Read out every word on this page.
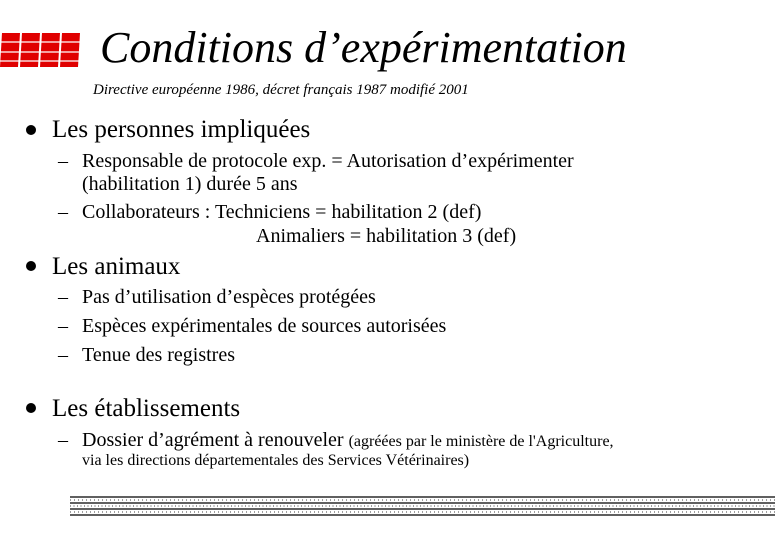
Conditions d’expérimentation
Directive européenne 1986, décret français 1987 modifié 2001
Les personnes impliquées
– Responsable de protocole exp. = Autorisation d’expérimenter
(habilitation 1) durée 5 ans
– Collaborateurs : Techniciens = habilitation 2 (def)
Animaliers = habilitation 3 (def)
Les animaux
– Pas d’utilisation d’espèces protégées
– Espèces expérimentales de sources autorisées
– Tenue des registres
Les établissements
– Dossier d’agrément à renouveler (agréées par le ministère de l'Agriculture,
via les directions départementales des Services Vétérinaires)
